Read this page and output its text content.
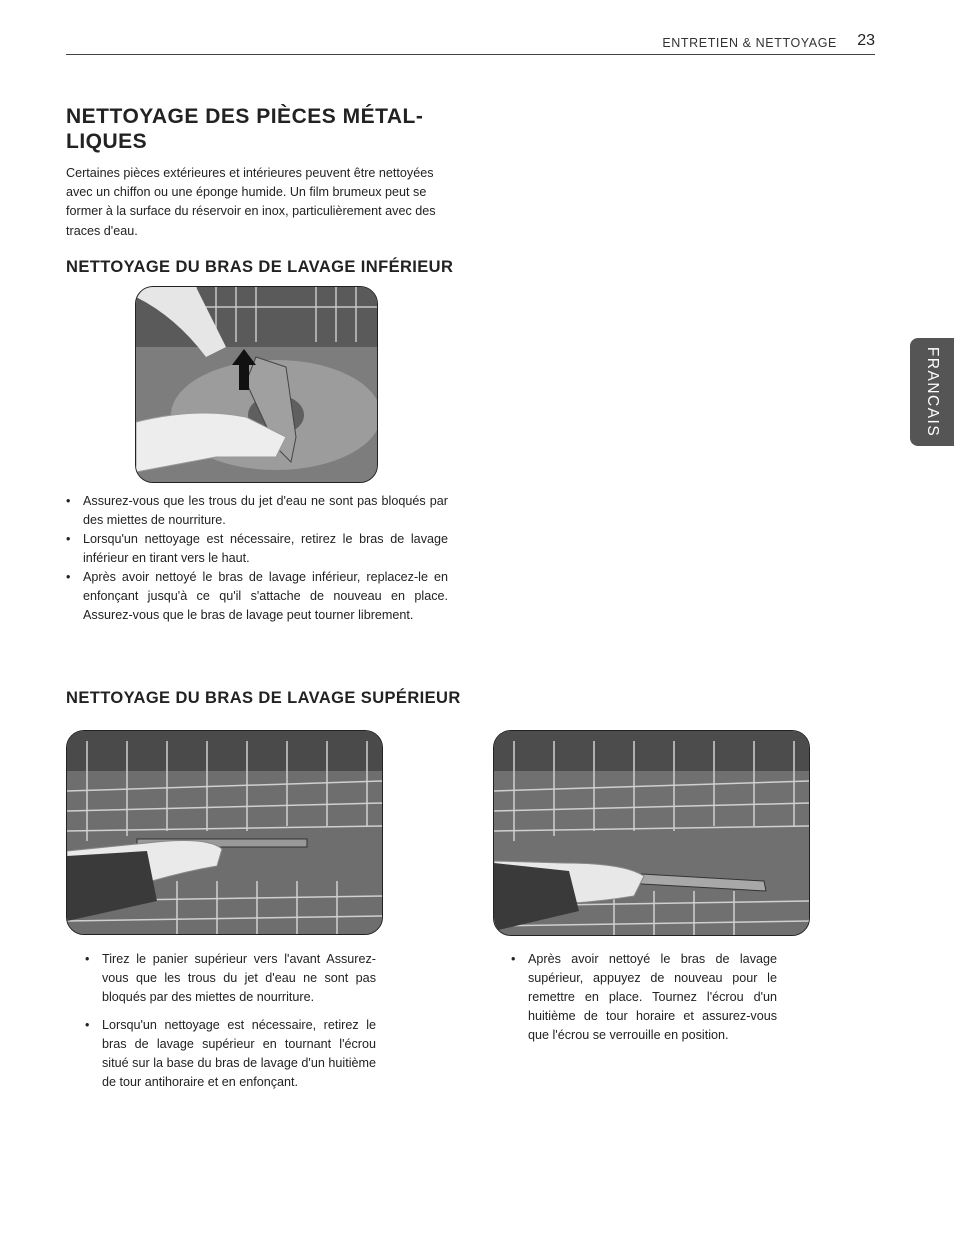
ENTRETIEN & NETTOYAGE 23
NETTOYAGE DES PIÈCES MÉTAL-LIQUES

Certaines pièces extérieures et intérieures peuvent être nettoyées avec un chiffon ou une éponge humide. Un film brumeux peut se former à la surface du réservoir en inox, particulièrement avec des traces d'eau.

NETTOYAGE DU BRAS DE LAVAGE INFÉRIEUR
• Assurez-vous que les trous du jet d'eau ne sont pas bloqués par des miettes de nourriture.
• Lorsqu'un nettoyage est nécessaire, retirez le bras de lavage inférieur en tirant vers le haut.
• Après avoir nettoyé le bras de lavage inférieur, replacez-le en enfonçant jusqu'à ce qu'il s'attache de nouveau en place. Assurez-vous que le bras de lavage peut tourner librement.
NETTOYAGE DU BRAS DE LAVAGE SUPÉRIEUR
• Tirez le panier supérieur vers l'avant Assurez-vous que les trous du jet d'eau ne sont pas bloqués par des miettes de nourriture.
• Lorsqu'un nettoyage est nécessaire, retirez le bras de lavage supérieur en tournant l'écrou situé sur la base du bras de lavage d'un huitième de tour antihoraire et en enfonçant.
• Après avoir nettoyé le bras de lavage supérieur, appuyez de nouveau pour le remettre en place. Tournez l'écrou d'un huitième de tour horaire et assurez-vous que l'écrou se verrouille en position.
FRANCAIS
